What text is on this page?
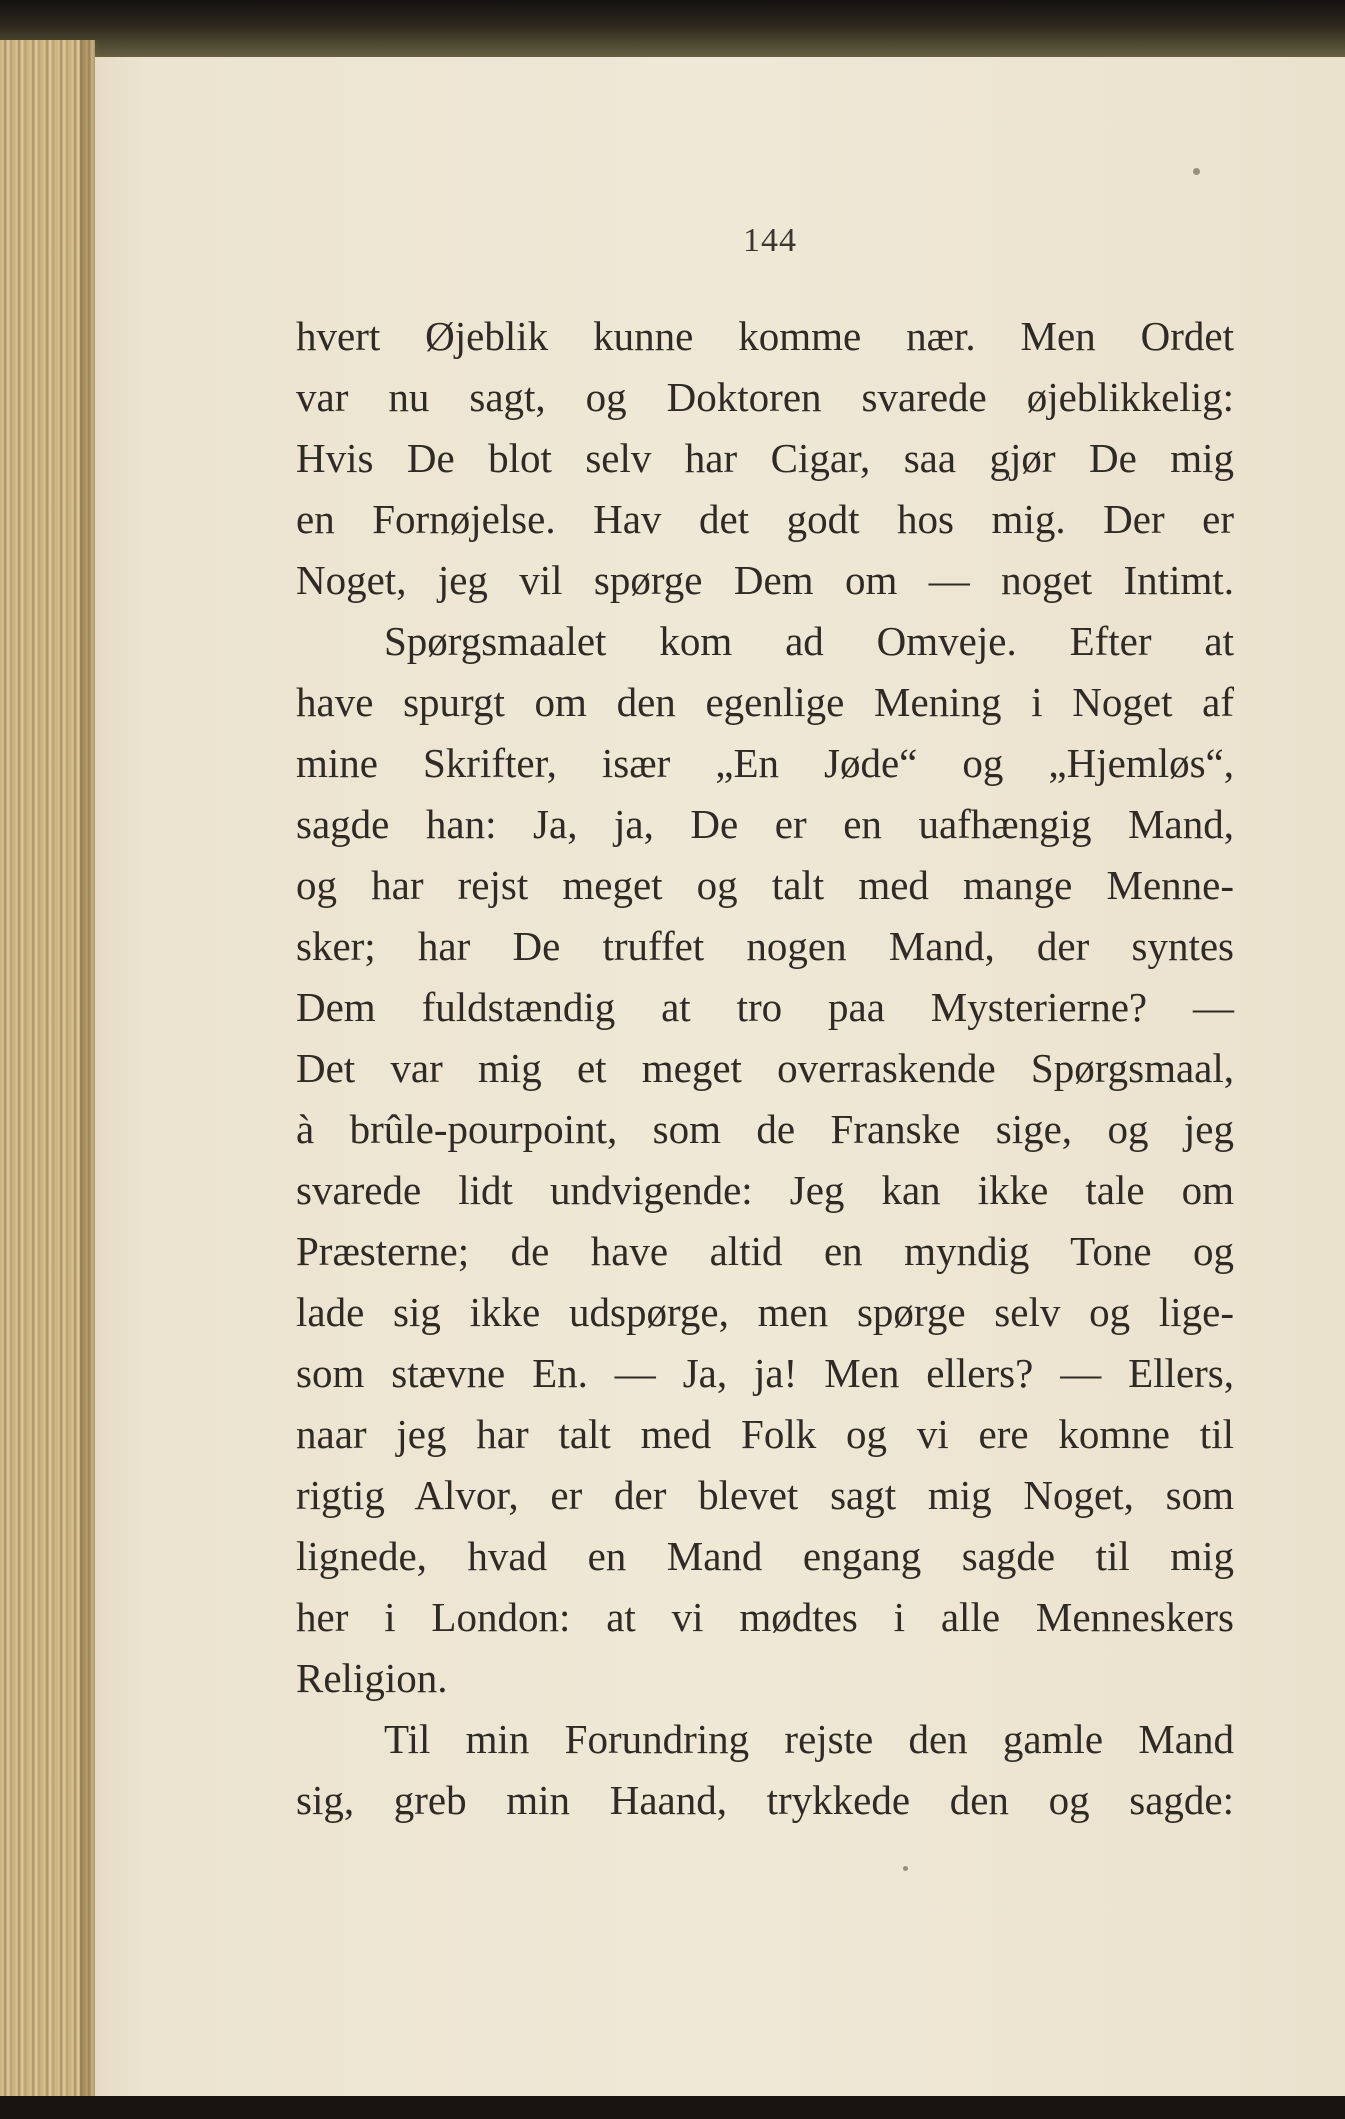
144
hvert Øjeblik kunne komme nær. Men Ordet
var nu sagt, og Doktoren svarede øjeblikkelig:
Hvis De blot selv har Cigar, saa gjør De mig
en Fornøjelse. Hav det godt hos mig. Der er
Noget, jeg vil spørge Dem om — noget Intimt.
Spørgsmaalet kom ad Omveje. Efter at
have spurgt om den egenlige Mening i Noget af
mine Skrifter, især „En Jøde“ og „Hjemløs“,
sagde han: Ja, ja, De er en uafhængig Mand,
og har rejst meget og talt med mange Menne-
sker; har De truffet nogen Mand, der syntes
Dem fuldstændig at tro paa Mysterierne? —
Det var mig et meget overraskende Spørgsmaal,
à brûle-pourpoint, som de Franske sige, og jeg
svarede lidt undvigende: Jeg kan ikke tale om
Præsterne; de have altid en myndig Tone og
lade sig ikke udspørge, men spørge selv og lige-
som stævne En. — Ja, ja! Men ellers? — Ellers,
naar jeg har talt med Folk og vi ere komne til
rigtig Alvor, er der blevet sagt mig Noget, som
lignede, hvad en Mand engang sagde til mig
her i London: at vi mødtes i alle Menneskers
Religion.
Til min Forundring rejste den gamle Mand
sig, greb min Haand, trykkede den og sagde:
